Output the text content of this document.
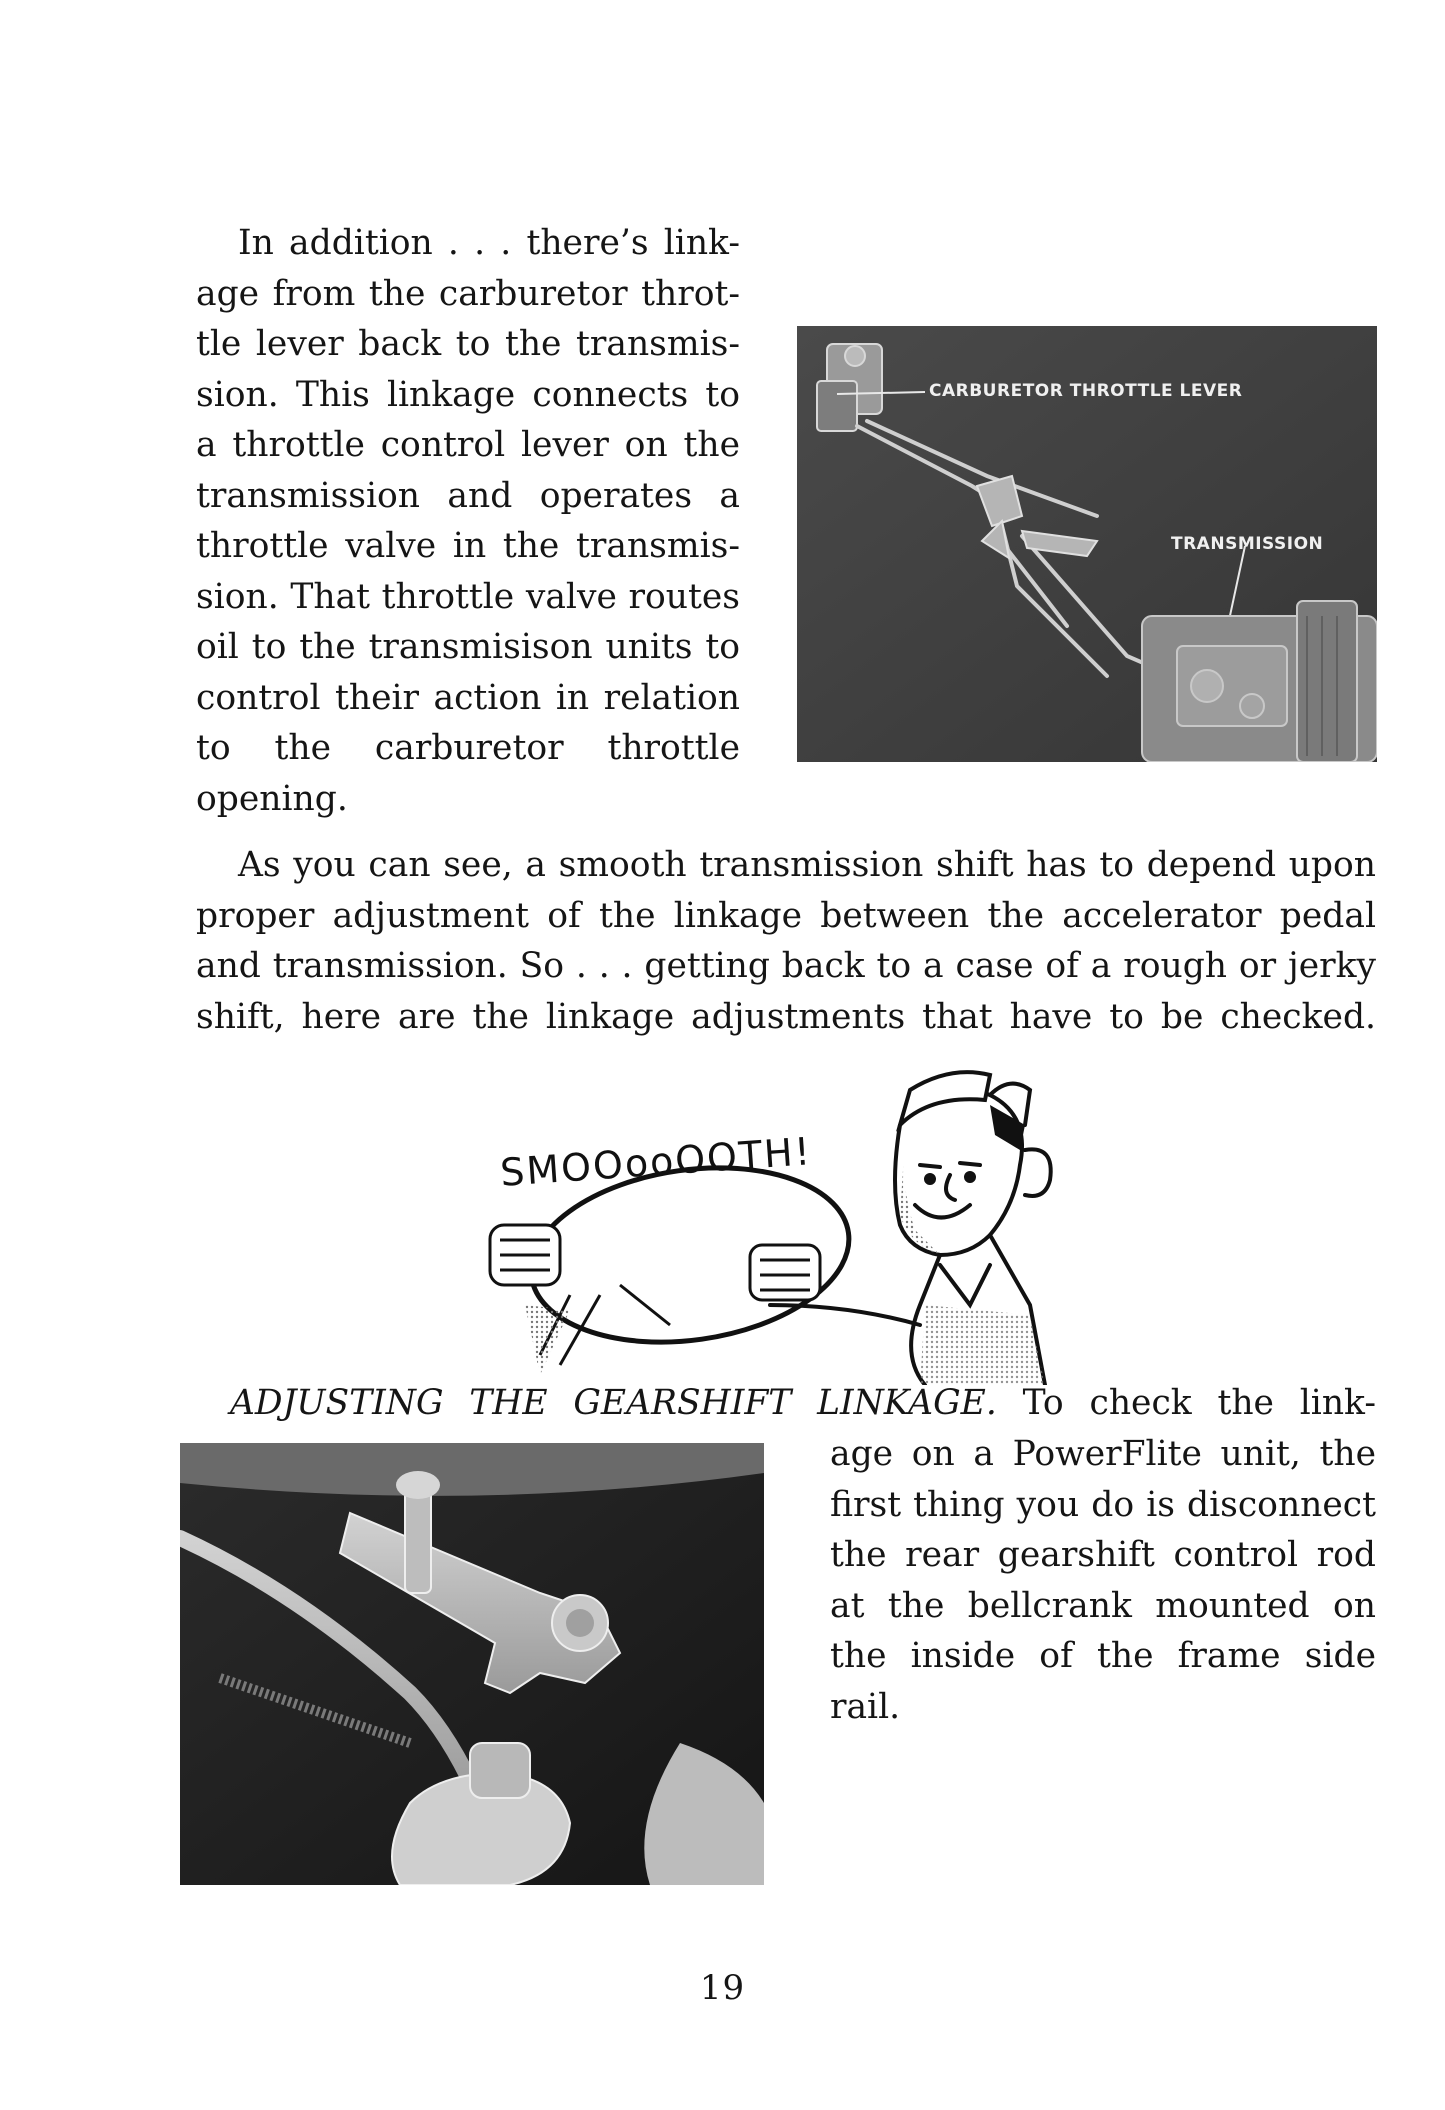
In addition . . . there’s link-
age from the carburetor throt-
tle lever back to the transmis-
sion. This linkage connects to
a throttle control lever on the
transmission and operates a
throttle valve in the transmis-
sion. That throttle valve routes
oil to the transmisison units to
control their action in relation
to the carburetor throttle
opening.

CARBURETOR THROTTLE LEVER
TRANSMISSION

As you can see, a smooth transmission shift has to depend upon
proper adjustment of the linkage between the accelerator pedal
and transmission. So . . . getting back to a case of a rough or jerky
shift, here are the linkage adjustments that have to be checked.

SMOOooOOTH!
ADJUSTING THE GEARSHIFT LINKAGE. To check the link-

age on a PowerFlite unit, the
first thing you do is disconnect
the rear gearshift control rod
at the bellcrank mounted on
the inside of the frame side
rail.

19
